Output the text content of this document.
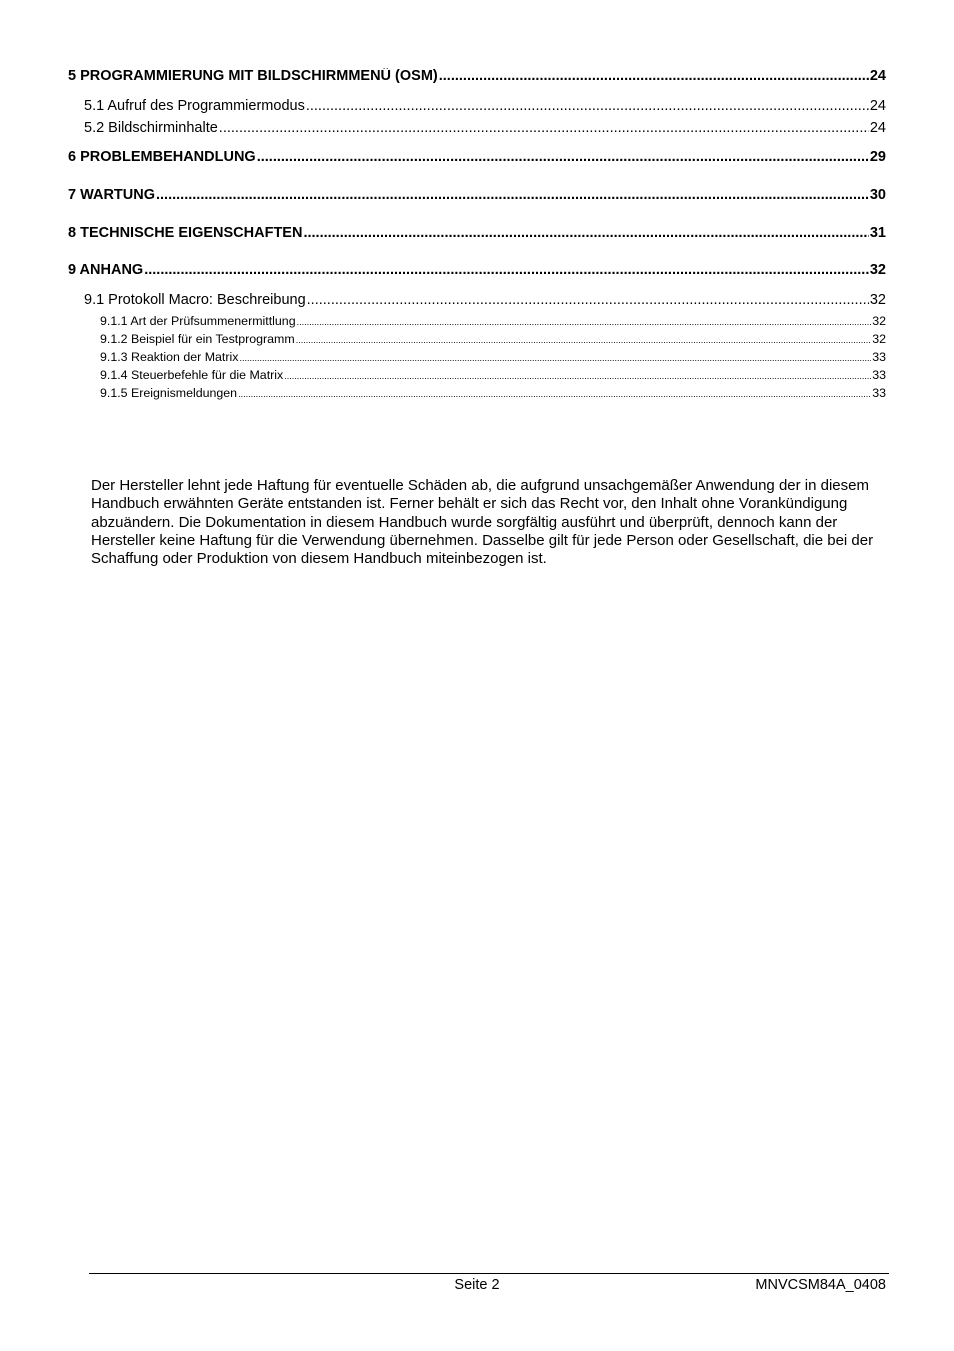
5 PROGRAMMIERUNG MIT BILDSCHIRMMENÜ (OSM) .....	24
5.1 Aufruf des Programmiermodus .....	24
5.2 Bildschirminhalte .....	24
6 PROBLEMBEHANDLUNG .....	29
7 WARTUNG .....	30
8 TECHNISCHE EIGENSCHAFTEN .....	31
9 ANHANG .....	32
9.1 Protokoll Macro: Beschreibung .....	32
9.1.1 Art der Prüfsummenermittlung .....	32
9.1.2 Beispiel für ein Testprogramm .....	32
9.1.3 Reaktion der Matrix .....	33
9.1.4 Steuerbefehle für die Matrix .....	33
9.1.5 Ereignismeldungen .....	33

Der Hersteller lehnt jede Haftung für eventuelle Schäden ab, die aufgrund unsachgemäßer Anwendung der in diesem Handbuch erwähnten Geräte entstanden ist. Ferner behält er sich das Recht vor, den Inhalt ohne Vorankündigung abzuändern. Die Dokumentation in diesem Handbuch wurde sorgfältig ausführt und überprüft, dennoch kann der Hersteller keine Haftung für die Verwendung übernehmen. Dasselbe gilt für jede Person oder Gesellschaft, die bei der Schaffung oder Produktion von diesem Handbuch miteinbezogen ist.

Seite 2	MNVCSM84A_0408
